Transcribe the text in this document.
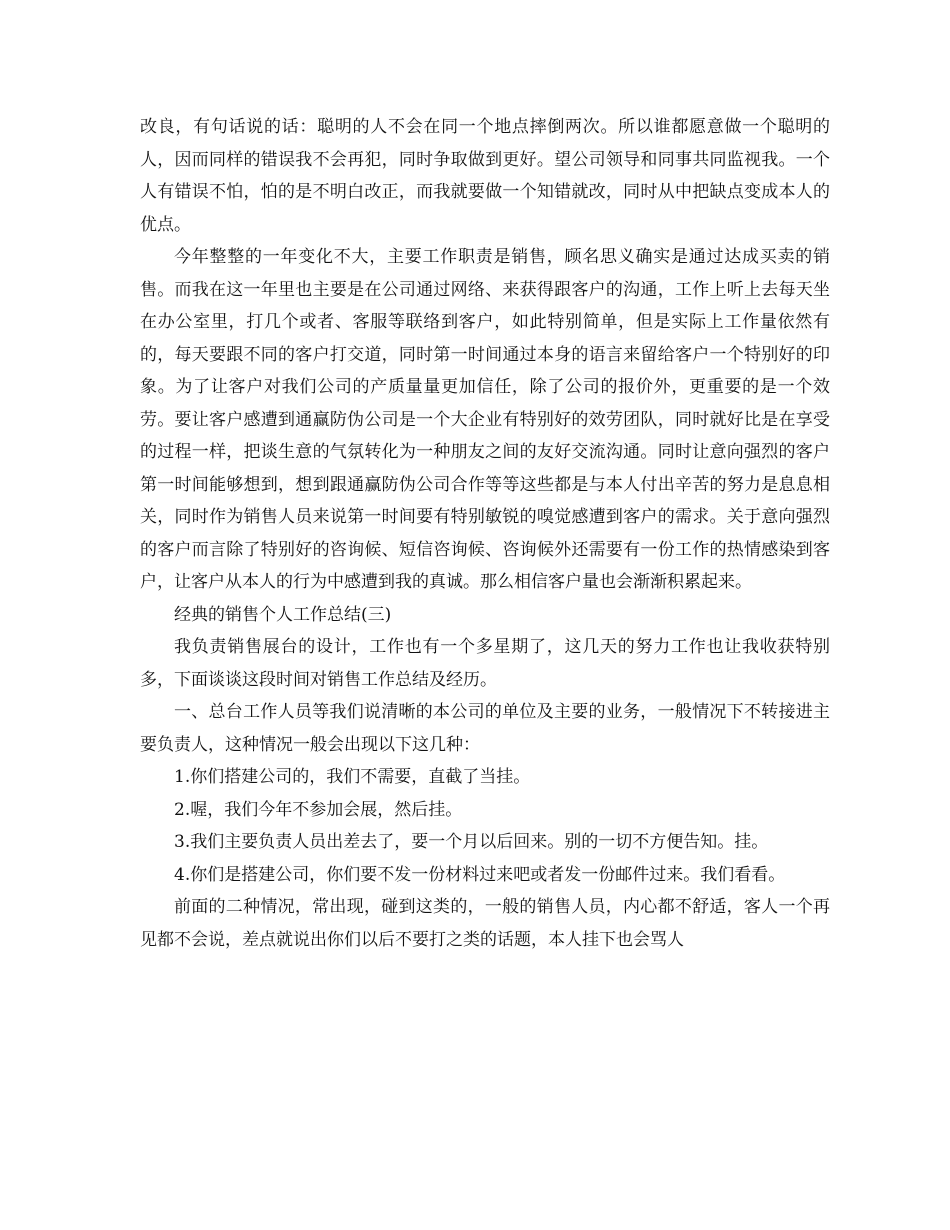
改良，有句话说的话：聪明的人不会在同一个地点摔倒两次。所以谁都愿意做一个聪明的人，因而同样的错误我不会再犯，同时争取做到更好。望公司领导和同事共同监视我。一个人有错误不怕，怕的是不明白改正，而我就要做一个知错就改，同时从中把缺点变成本人的优点。

今年整整的一年变化不大，主要工作职责是销售，顾名思义确实是通过达成买卖的销售。而我在这一年里也主要是在公司通过网络、来获得跟客户的沟通，工作上听上去每天坐在办公室里，打几个或者、客服等联络到客户，如此特别简单，但是实际上工作量依然有的，每天要跟不同的客户打交道，同时第一时间通过本身的语言来留给客户一个特别好的印象。为了让客户对我们公司的产质量量更加信任，除了公司的报价外，更重要的是一个效劳。要让客户感遭到通赢防伪公司是一个大企业有特别好的效劳团队，同时就好比是在享受的过程一样，把谈生意的气氛转化为一种朋友之间的友好交流沟通。同时让意向强烈的客户第一时间能够想到，想到跟通赢防伪公司合作等等这些都是与本人付出辛苦的努力是息息相关，同时作为销售人员来说第一时间要有特别敏锐的嗅觉感遭到客户的需求。关于意向强烈的客户而言除了特别好的咨询候、短信咨询候、咨询候外还需要有一份工作的热情感染到客户，让客户从本人的行为中感遭到我的真诚。那么相信客户量也会渐渐积累起来。

经典的销售个人工作总结(三)

我负责销售展台的设计，工作也有一个多星期了，这几天的努力工作也让我收获特别多，下面谈谈这段时间对销售工作总结及经历。

一、总台工作人员等我们说清晰的本公司的单位及主要的业务，一般情况下不转接进主要负责人，这种情况一般会出现以下这几种：

1.你们搭建公司的，我们不需要，直截了当挂。

2.喔，我们今年不参加会展，然后挂。

3.我们主要负责人员出差去了，要一个月以后回来。别的一切不方便告知。挂。

4.你们是搭建公司，你们要不发一份材料过来吧或者发一份邮件过来。我们看看。

前面的二种情况，常出现，碰到这类的，一般的销售人员，内心都不舒适，客人一个再见都不会说，差点就说出你们以后不要打之类的话题，本人挂下也会骂人
